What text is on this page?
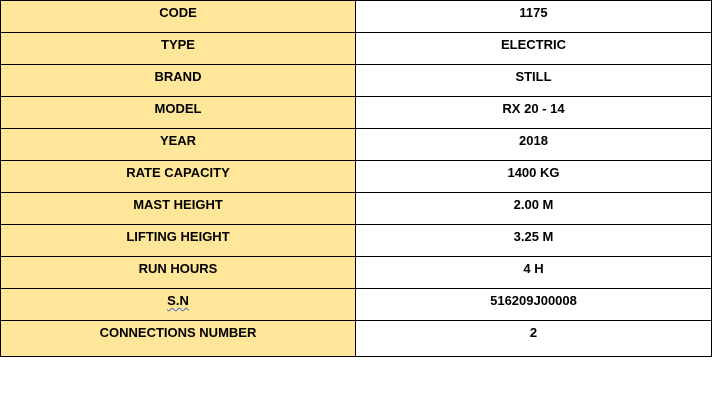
CODE	1175
TYPE	ELECTRIC
BRAND	STILL
MODEL	RX 20 - 14
YEAR	2018
RATE CAPACITY	1400 KG
MAST HEIGHT	2.00 M
LIFTING HEIGHT	3.25 M
RUN HOURS	4 H
S.N	516209J00008
CONNECTIONS NUMBER	2
